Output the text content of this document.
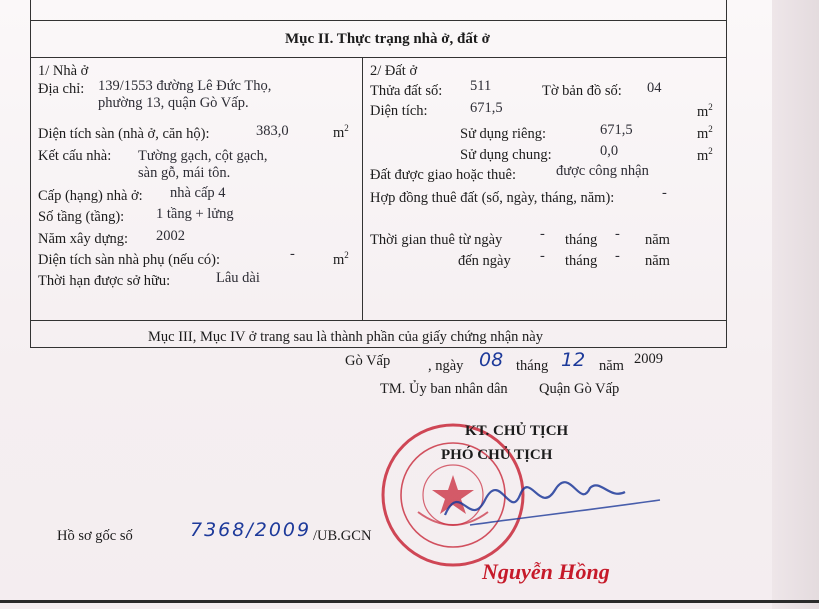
Mục II. Thực trạng nhà ở, đất ở
1/ Nhà ở
Địa chỉ: 139/1553 đường Lê Đức Thọ,
phường 13, quận Gò Vấp.
Diện tích sàn (nhà ở, căn hộ):	383,0	$m^2$
Kết cấu nhà: Tường gạch, cột gạch,
sàn gỗ, mái tôn.
Cấp (hạng) nhà ở: nhà cấp 4
Số tầng (tầng): 1 tầng + lửng
Năm xây dựng: 2002
Diện tích sàn nhà phụ (nếu có):	-	$m^2$
Thời hạn được sở hữu:	Lâu dài
2/ Đất ở
Thửa đất số: 511	Tờ bản đồ số: 04
Diện tích:	671,5	$m^2$
Sử dụng riêng:	671,5	$m^2$
Sử dụng chung:	0,0	$m^2$
Đất được giao hoặc thuê:	được công nhận
Hợp đồng thuê đất (số, ngày, tháng, năm):	-
Thời gian thuê từ ngày	- tháng - năm
đến ngày - tháng - năm
Mục III, Mục IV ở trang sau là thành phần của giấy chứng nhận này
Gò Vấp	, ngày 08 tháng 12 năm 2009
TM. Ủy ban nhân dân Quận Gò Vấp
KT. CHỦ TỊCH
PHÓ CHỦ TỊCH
Nguyễn Hồng
Hồ sơ gốc số	7368/2009 /UB.GCN
